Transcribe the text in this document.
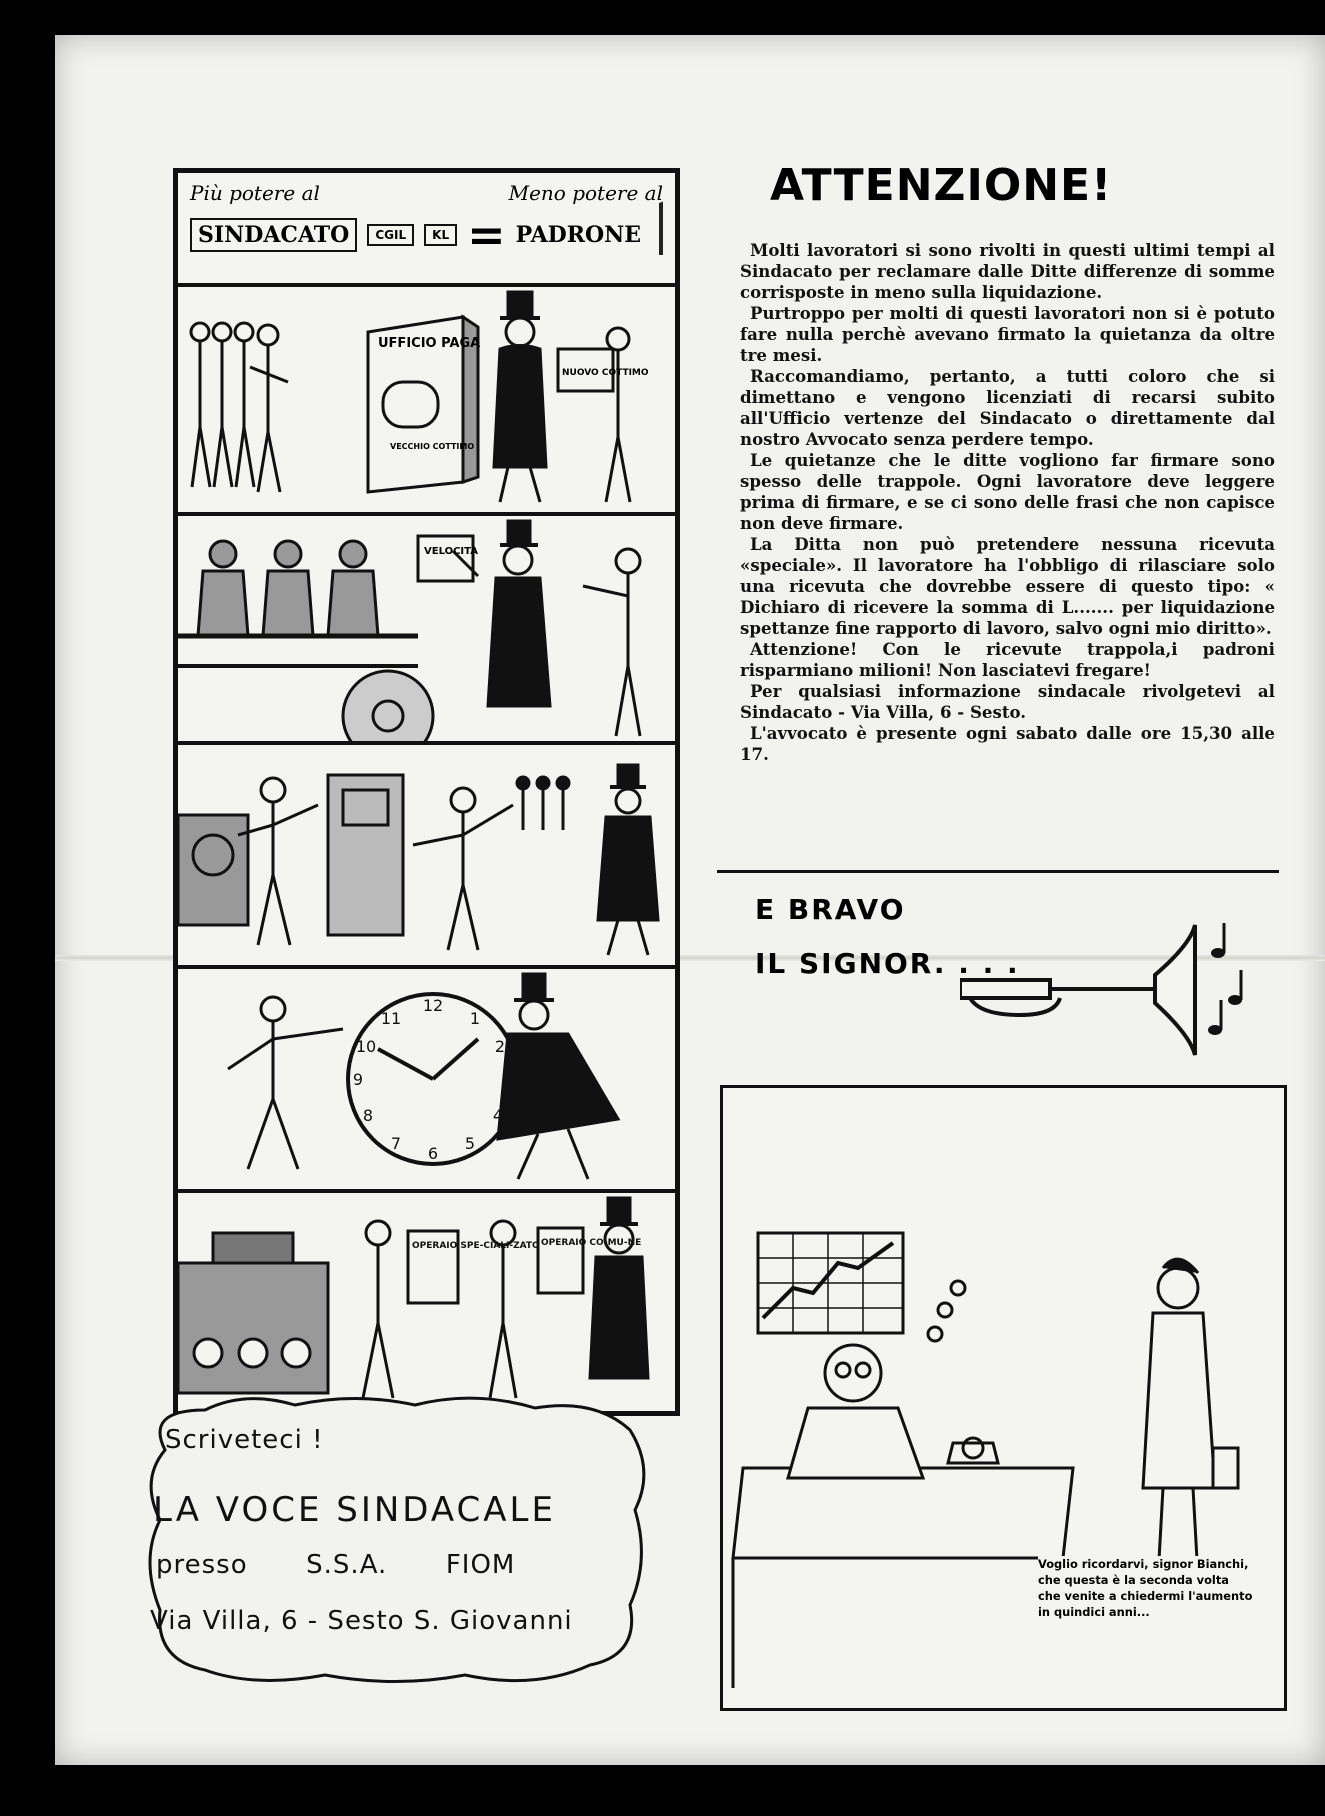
Più potere al	Meno potere al
SINDACATO	CGIL	KL = PADRONE
UFFICIO PAGA
VECCHIO COTTIMO
NUOVO COTTIMO
VELOCITÀ
12
1
2
3
4
5
6
7
8
9
10
11
OPERAIO SPE-CIALI-ZATO OPERAIO CO-MU-NE
ATTENZIONE!

Molti lavoratori si sono rivolti in questi ultimi tempi al Sindacato per reclamare dalle Ditte differenze di somme corrisposte in meno sulla liquidazione.

Purtroppo per molti di questi lavoratori non si è potuto fare nulla perchè avevano firmato la quietanza da oltre tre mesi.

Raccomandiamo, pertanto, a tutti coloro che si dimettano e vengono licenziati di recarsi subito all'Ufficio vertenze del Sindacato o direttamente dal nostro Avvocato senza perdere tempo.

Le quietanze che le ditte vogliono far firmare sono spesso delle trappole. Ogni lavoratore deve leggere prima di firmare, e se ci sono delle frasi che non capisce non deve firmare.

La Ditta non può pretendere nessuna ricevuta «speciale». Il lavoratore ha l'obbligo di rilasciare solo una ricevuta che dovrebbe essere di questo tipo: « Dichiaro di ricevere la somma di L....... per liquidazione spettanze fine rapporto di lavoro, salvo ogni mio diritto».

Attenzione! Con le ricevute trappola,i padroni risparmiano milioni! Non lasciatevi fregare!

Per qualsiasi informazione sindacale rivolgetevi al Sindacato - Via Villa, 6 - Sesto.

L'avvocato è presente ogni sabato dalle ore 15,30 alle 17.

E BRAVO
IL SIGNOR. . . .
Voglio ricordarvi, signor Bianchi, che questa è la seconda volta che venite a chiedermi l'aumento in quindici anni...
Scriveteci !
LA VOCE SINDACALE
presso S.S.A. FIOM
Via Villa, 6 - Sesto S. Giovanni
